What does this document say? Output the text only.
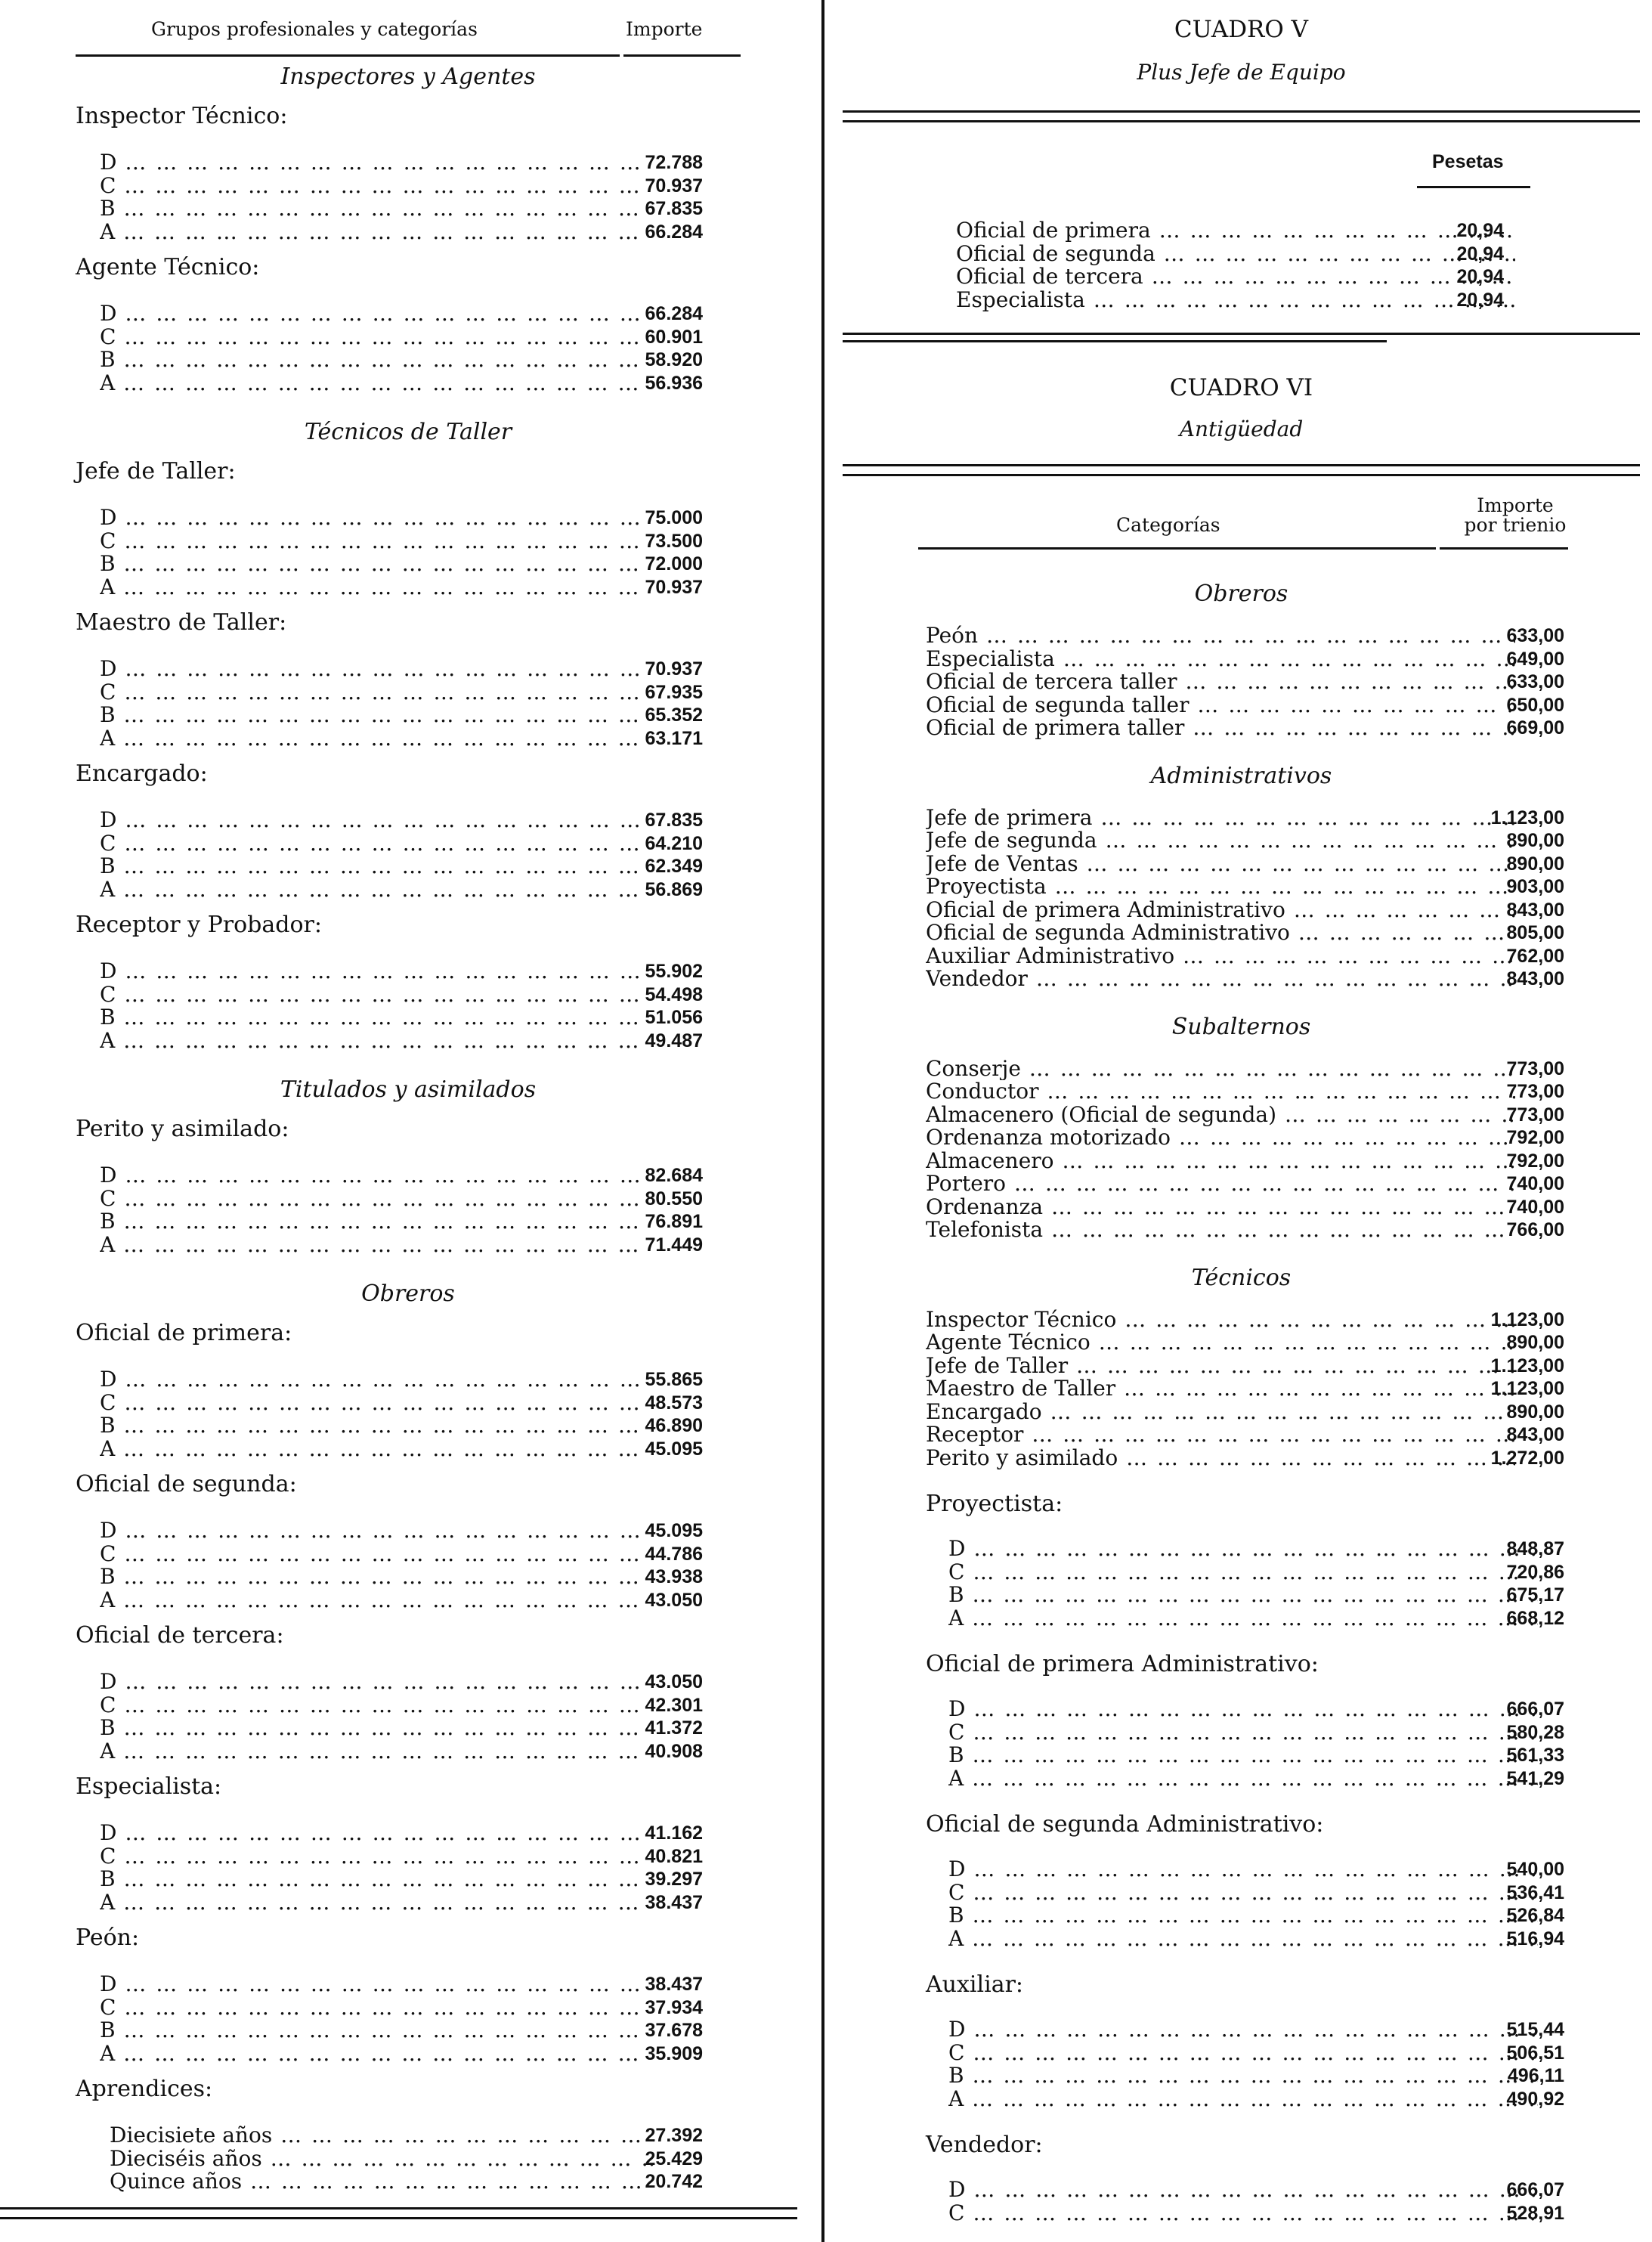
Grupos profesionales y categorías	Importe
Inspectores y Agentes
Inspector Técnico:
D … … … … … … … … … … … … … … … … … … … … … … … … … … … … … … … … … … … … …	72.788
C … … … … … … … … … … … … … … … … … … … … … … … … … … … … … … … … … … … … …	70.937
B … … … … … … … … … … … … … … … … … … … … … … … … … … … … … … … … … … … … …	67.835
A … … … … … … … … … … … … … … … … … … … … … … … … … … … … … … … … … … … … …	66.284
Agente Técnico:
D … … … … … … … … … … … … … … … … … … … … … … … … … … … … … … … … … … … … …	66.284
C … … … … … … … … … … … … … … … … … … … … … … … … … … … … … … … … … … … … …	60.901
B … … … … … … … … … … … … … … … … … … … … … … … … … … … … … … … … … … … … …	58.920
A … … … … … … … … … … … … … … … … … … … … … … … … … … … … … … … … … … … … …	56.936
Técnicos de Taller
Jefe de Taller:
D … … … … … … … … … … … … … … … … … … … … … … … … … … … … … … … … … … … … …	75.000
C … … … … … … … … … … … … … … … … … … … … … … … … … … … … … … … … … … … … …	73.500
B … … … … … … … … … … … … … … … … … … … … … … … … … … … … … … … … … … … … …	72.000
A … … … … … … … … … … … … … … … … … … … … … … … … … … … … … … … … … … … … …	70.937
Maestro de Taller:
D … … … … … … … … … … … … … … … … … … … … … … … … … … … … … … … … … … … … …	70.937
C … … … … … … … … … … … … … … … … … … … … … … … … … … … … … … … … … … … … …	67.935
B … … … … … … … … … … … … … … … … … … … … … … … … … … … … … … … … … … … … …	65.352
A … … … … … … … … … … … … … … … … … … … … … … … … … … … … … … … … … … … … …	63.171
Encargado:
D … … … … … … … … … … … … … … … … … … … … … … … … … … … … … … … … … … … … …	67.835
C … … … … … … … … … … … … … … … … … … … … … … … … … … … … … … … … … … … … …	64.210
B … … … … … … … … … … … … … … … … … … … … … … … … … … … … … … … … … … … … …	62.349
A … … … … … … … … … … … … … … … … … … … … … … … … … … … … … … … … … … … … …	56.869
Receptor y Probador:
D … … … … … … … … … … … … … … … … … … … … … … … … … … … … … … … … … … … … …	55.902
C … … … … … … … … … … … … … … … … … … … … … … … … … … … … … … … … … … … … …	54.498
B … … … … … … … … … … … … … … … … … … … … … … … … … … … … … … … … … … … … …	51.056
A … … … … … … … … … … … … … … … … … … … … … … … … … … … … … … … … … … … … …	49.487
Titulados y asimilados
Perito y asimilado:
D … … … … … … … … … … … … … … … … … … … … … … … … … … … … … … … … … … … … …	82.684
C … … … … … … … … … … … … … … … … … … … … … … … … … … … … … … … … … … … … …	80.550
B … … … … … … … … … … … … … … … … … … … … … … … … … … … … … … … … … … … … …	76.891
A … … … … … … … … … … … … … … … … … … … … … … … … … … … … … … … … … … … … …	71.449
Obreros
Oficial de primera:
D … … … … … … … … … … … … … … … … … … … … … … … … … … … … … … … … … … … … …	55.865
C … … … … … … … … … … … … … … … … … … … … … … … … … … … … … … … … … … … … …	48.573
B … … … … … … … … … … … … … … … … … … … … … … … … … … … … … … … … … … … … …	46.890
A … … … … … … … … … … … … … … … … … … … … … … … … … … … … … … … … … … … … …	45.095
Oficial de segunda:
D … … … … … … … … … … … … … … … … … … … … … … … … … … … … … … … … … … … … …	45.095
C … … … … … … … … … … … … … … … … … … … … … … … … … … … … … … … … … … … … …	44.786
B … … … … … … … … … … … … … … … … … … … … … … … … … … … … … … … … … … … … …	43.938
A … … … … … … … … … … … … … … … … … … … … … … … … … … … … … … … … … … … … …	43.050
Oficial de tercera:
D … … … … … … … … … … … … … … … … … … … … … … … … … … … … … … … … … … … … …	43.050
C … … … … … … … … … … … … … … … … … … … … … … … … … … … … … … … … … … … … …	42.301
B … … … … … … … … … … … … … … … … … … … … … … … … … … … … … … … … … … … … …	41.372
A … … … … … … … … … … … … … … … … … … … … … … … … … … … … … … … … … … … … …	40.908
Especialista:
D … … … … … … … … … … … … … … … … … … … … … … … … … … … … … … … … … … … … …	41.162
C … … … … … … … … … … … … … … … … … … … … … … … … … … … … … … … … … … … … …	40.821
B … … … … … … … … … … … … … … … … … … … … … … … … … … … … … … … … … … … … …	39.297
A … … … … … … … … … … … … … … … … … … … … … … … … … … … … … … … … … … … … …	38.437
Peón:
D … … … … … … … … … … … … … … … … … … … … … … … … … … … … … … … … … … … … …	38.437
C … … … … … … … … … … … … … … … … … … … … … … … … … … … … … … … … … … … … …	37.934
B … … … … … … … … … … … … … … … … … … … … … … … … … … … … … … … … … … … … …	37.678
A … … … … … … … … … … … … … … … … … … … … … … … … … … … … … … … … … … … … …	35.909
Aprendices:
Diecisiete años … … … … … … … … … … … … … … … … … … … … … … … … … … … … … … … … … … … … …	27.392
Dieciséis años … … … … … … … … … … … … … … … … … … … … … … … … … … … … … … … … … … … … …	25.429
Quince años … … … … … … … … … … … … … … … … … … … … … … … … … … … … … … … … … … … … …	20.742
CUADRO V
Plus Jefe de Equipo
Pesetas
Oficial de primera … … … … … … … … … … … … … … … … … … … … … … … … … … … … … … … … … … … … …	20,94
Oficial de segunda … … … … … … … … … … … … … … … … … … … … … … … … … … … … … … … … … … … … …	20,94
Oficial de tercera … … … … … … … … … … … … … … … … … … … … … … … … … … … … … … … … … … … … …	20,94
Especialista … … … … … … … … … … … … … … … … … … … … … … … … … … … … … … … … … … … … …	20,94
CUADRO VI
Antigüedad
Categorías
Importe
por trienio
Obreros
Peón … … … … … … … … … … … … … … … … … … … … … … … … … … … … … … … … … … … … …	633,00
Especialista … … … … … … … … … … … … … … … … … … … … … … … … … … … … … … … … … … … … …	649,00
Oficial de tercera taller … … … … … … … … … … … … … … … … … … … … … … … … … … … … … … … … … … … … …	633,00
Oficial de segunda taller … … … … … … … … … … … … … … … … … … … … … … … … … … … … … … … … … … … … …	650,00
Oficial de primera taller … … … … … … … … … … … … … … … … … … … … … … … … … … … … … … … … … … … … …	669,00
Administrativos
Jefe de primera … … … … … … … … … … … … … … … … … … … … … … … … … … … … … … … … … … … … …	1.123,00
Jefe de segunda … … … … … … … … … … … … … … … … … … … … … … … … … … … … … … … … … … … … …	890,00
Jefe de Ventas … … … … … … … … … … … … … … … … … … … … … … … … … … … … … … … … … … … … …	890,00
Proyectista … … … … … … … … … … … … … … … … … … … … … … … … … … … … … … … … … … … … …	903,00
Oficial de primera Administrativo … … … … … … … … … … … … … … … … … … … … … … … … … … … … … … … … … … … … …	843,00
Oficial de segunda Administrativo … … … … … … … … … … … … … … … … … … … … … … … … … … … … … … … … … … … … …	805,00
Auxiliar Administrativo … … … … … … … … … … … … … … … … … … … … … … … … … … … … … … … … … … … … …	762,00
Vendedor … … … … … … … … … … … … … … … … … … … … … … … … … … … … … … … … … … … … …	843,00
Subalternos
Conserje … … … … … … … … … … … … … … … … … … … … … … … … … … … … … … … … … … … … …	773,00
Conductor … … … … … … … … … … … … … … … … … … … … … … … … … … … … … … … … … … … … …	773,00
Almacenero (Oficial de segunda) … … … … … … … … … … … … … … … … … … … … … … … … … … … … … … … … … … … … …	773,00
Ordenanza motorizado … … … … … … … … … … … … … … … … … … … … … … … … … … … … … … … … … … … … …	792,00
Almacenero … … … … … … … … … … … … … … … … … … … … … … … … … … … … … … … … … … … … …	792,00
Portero … … … … … … … … … … … … … … … … … … … … … … … … … … … … … … … … … … … … …	740,00
Ordenanza … … … … … … … … … … … … … … … … … … … … … … … … … … … … … … … … … … … … …	740,00
Telefonista … … … … … … … … … … … … … … … … … … … … … … … … … … … … … … … … … … … … …	766,00
Técnicos
Inspector Técnico … … … … … … … … … … … … … … … … … … … … … … … … … … … … … … … … … … … … …	1.123,00
Agente Técnico … … … … … … … … … … … … … … … … … … … … … … … … … … … … … … … … … … … … …	890,00
Jefe de Taller … … … … … … … … … … … … … … … … … … … … … … … … … … … … … … … … … … … … …	1.123,00
Maestro de Taller … … … … … … … … … … … … … … … … … … … … … … … … … … … … … … … … … … … … …	1.123,00
Encargado … … … … … … … … … … … … … … … … … … … … … … … … … … … … … … … … … … … … …	890,00
Receptor … … … … … … … … … … … … … … … … … … … … … … … … … … … … … … … … … … … … …	843,00
Perito y asimilado … … … … … … … … … … … … … … … … … … … … … … … … … … … … … … … … … … … … …	1.272,00
Proyectista:
D … … … … … … … … … … … … … … … … … … … … … … … … … … … … … … … … … … … … …	848,87
C … … … … … … … … … … … … … … … … … … … … … … … … … … … … … … … … … … … … …	720,86
B … … … … … … … … … … … … … … … … … … … … … … … … … … … … … … … … … … … … …	675,17
A … … … … … … … … … … … … … … … … … … … … … … … … … … … … … … … … … … … … …	668,12
Oficial de primera Administrativo:
D … … … … … … … … … … … … … … … … … … … … … … … … … … … … … … … … … … … … …	666,07
C … … … … … … … … … … … … … … … … … … … … … … … … … … … … … … … … … … … … …	580,28
B … … … … … … … … … … … … … … … … … … … … … … … … … … … … … … … … … … … … …	561,33
A … … … … … … … … … … … … … … … … … … … … … … … … … … … … … … … … … … … … …	541,29
Oficial de segunda Administrativo:
D … … … … … … … … … … … … … … … … … … … … … … … … … … … … … … … … … … … … …	540,00
C … … … … … … … … … … … … … … … … … … … … … … … … … … … … … … … … … … … … …	536,41
B … … … … … … … … … … … … … … … … … … … … … … … … … … … … … … … … … … … … …	526,84
A … … … … … … … … … … … … … … … … … … … … … … … … … … … … … … … … … … … … …	516,94
Auxiliar:
D … … … … … … … … … … … … … … … … … … … … … … … … … … … … … … … … … … … … …	515,44
C … … … … … … … … … … … … … … … … … … … … … … … … … … … … … … … … … … … … …	506,51
B … … … … … … … … … … … … … … … … … … … … … … … … … … … … … … … … … … … … …	496,11
A … … … … … … … … … … … … … … … … … … … … … … … … … … … … … … … … … … … … …	490,92
Vendedor:
D … … … … … … … … … … … … … … … … … … … … … … … … … … … … … … … … … … … … …	666,07
C … … … … … … … … … … … … … … … … … … … … … … … … … … … … … … … … … … … … …	528,91
